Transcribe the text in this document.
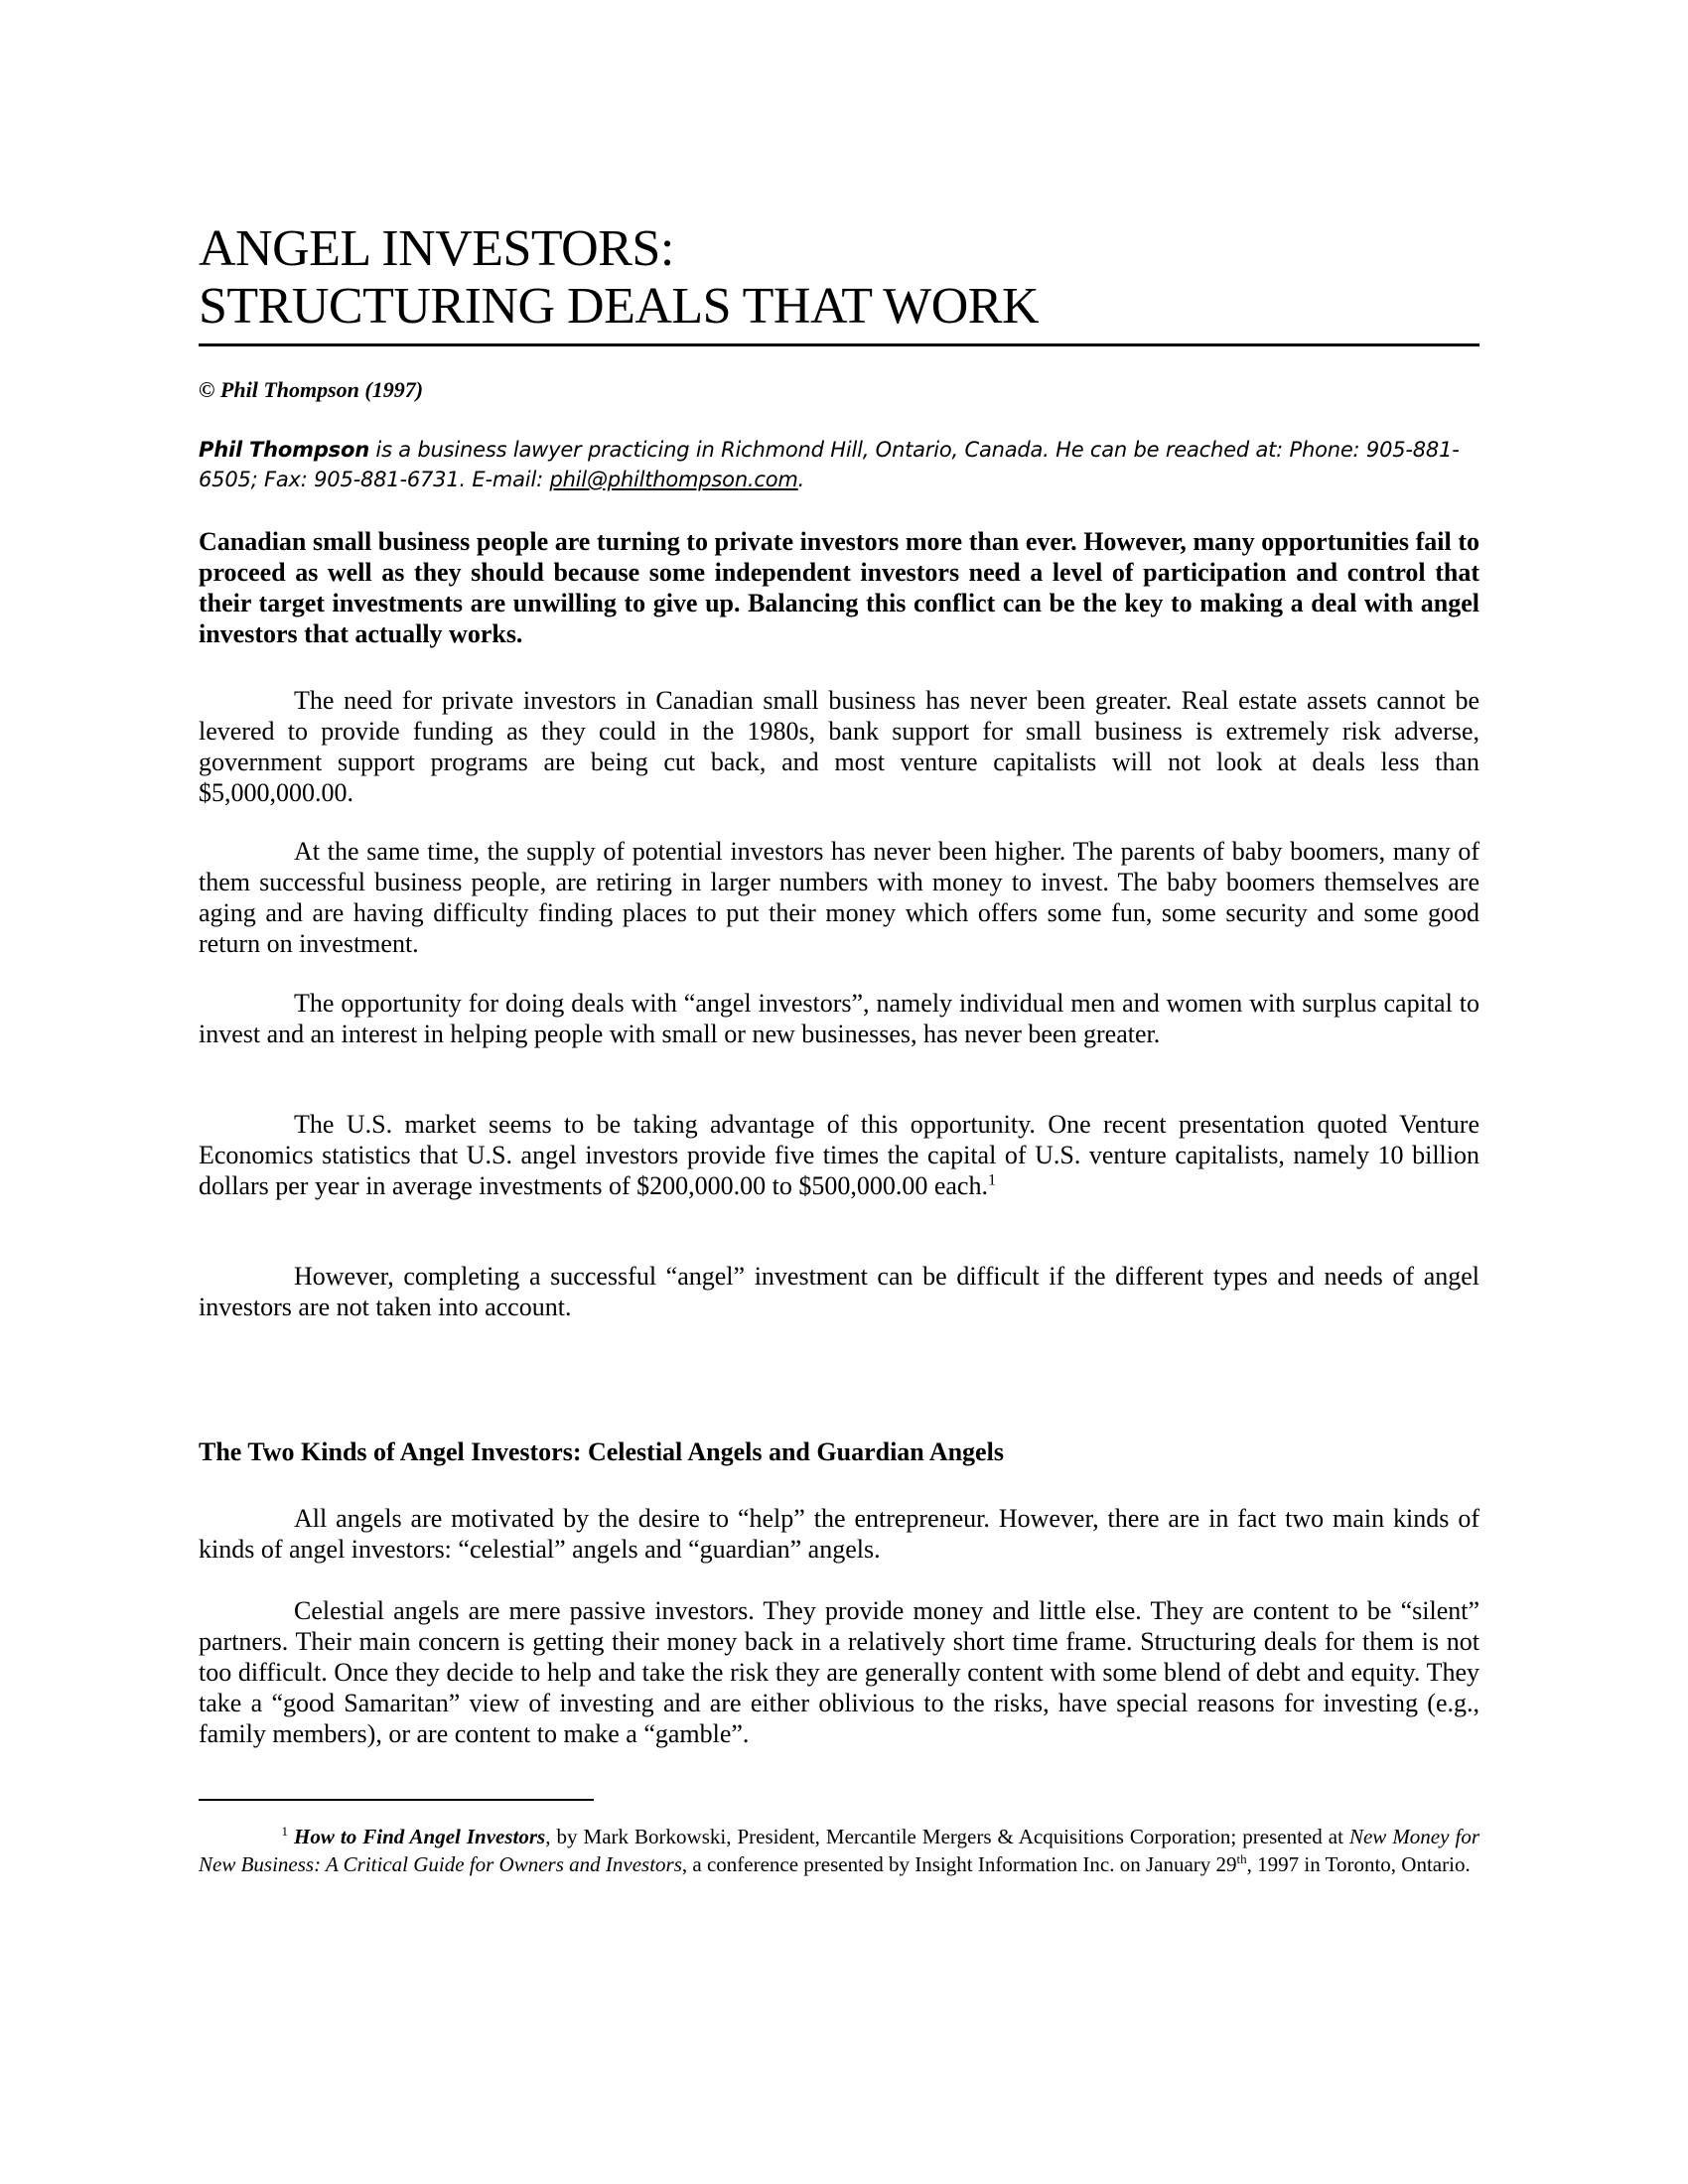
ANGEL INVESTORS:
STRUCTURING DEALS THAT WORK
© Phil Thompson (1997)
Phil Thompson is a business lawyer practicing in Richmond Hill, Ontario, Canada. He can be reached at: Phone: 905-881-6505; Fax: 905-881-6731. E-mail: phil@philthompson.com.
Canadian small business people are turning to private investors more than ever. However, many opportunities fail to proceed as well as they should because some independent investors need a level of participation and control that their target investments are unwilling to give up. Balancing this conflict can be the key to making a deal with angel investors that actually works.
The need for private investors in Canadian small business has never been greater. Real estate assets cannot be levered to provide funding as they could in the 1980s, bank support for small business is extremely risk adverse, government support programs are being cut back, and most venture capitalists will not look at deals less than $5,000,000.00.
At the same time, the supply of potential investors has never been higher. The parents of baby boomers, many of them successful business people, are retiring in larger numbers with money to invest. The baby boomers themselves are aging and are having difficulty finding places to put their money which offers some fun, some security and some good return on investment.
The opportunity for doing deals with “angel investors”, namely individual men and women with surplus capital to invest and an interest in helping people with small or new businesses, has never been greater.
The U.S. market seems to be taking advantage of this opportunity. One recent presentation quoted Venture Economics statistics that U.S. angel investors provide five times the capital of U.S. venture capitalists, namely 10 billion dollars per year in average investments of $200,000.00 to $500,000.00 each.$^1$
However, completing a successful “angel” investment can be difficult if the different types and needs of angel investors are not taken into account.
The Two Kinds of Angel Investors: Celestial Angels and Guardian Angels
All angels are motivated by the desire to “help” the entrepreneur. However, there are in fact two main kinds of kinds of angel investors: “celestial” angels and “guardian” angels.
Celestial angels are mere passive investors. They provide money and little else. They are content to be “silent” partners. Their main concern is getting their money back in a relatively short time frame. Structuring deals for them is not too difficult. Once they decide to help and take the risk they are generally content with some blend of debt and equity. They take a “good Samaritan” view of investing and are either oblivious to the risks, have special reasons for investing (e.g., family members), or are content to make a “gamble”.
$^1$ How to Find Angel Investors, by Mark Borkowski, President, Mercantile Mergers & Acquisitions Corporation; presented at New Money for New Business: A Critical Guide for Owners and Investors, a conference presented by Insight Information Inc. on January 29th, 1997 in Toronto, Ontario.
